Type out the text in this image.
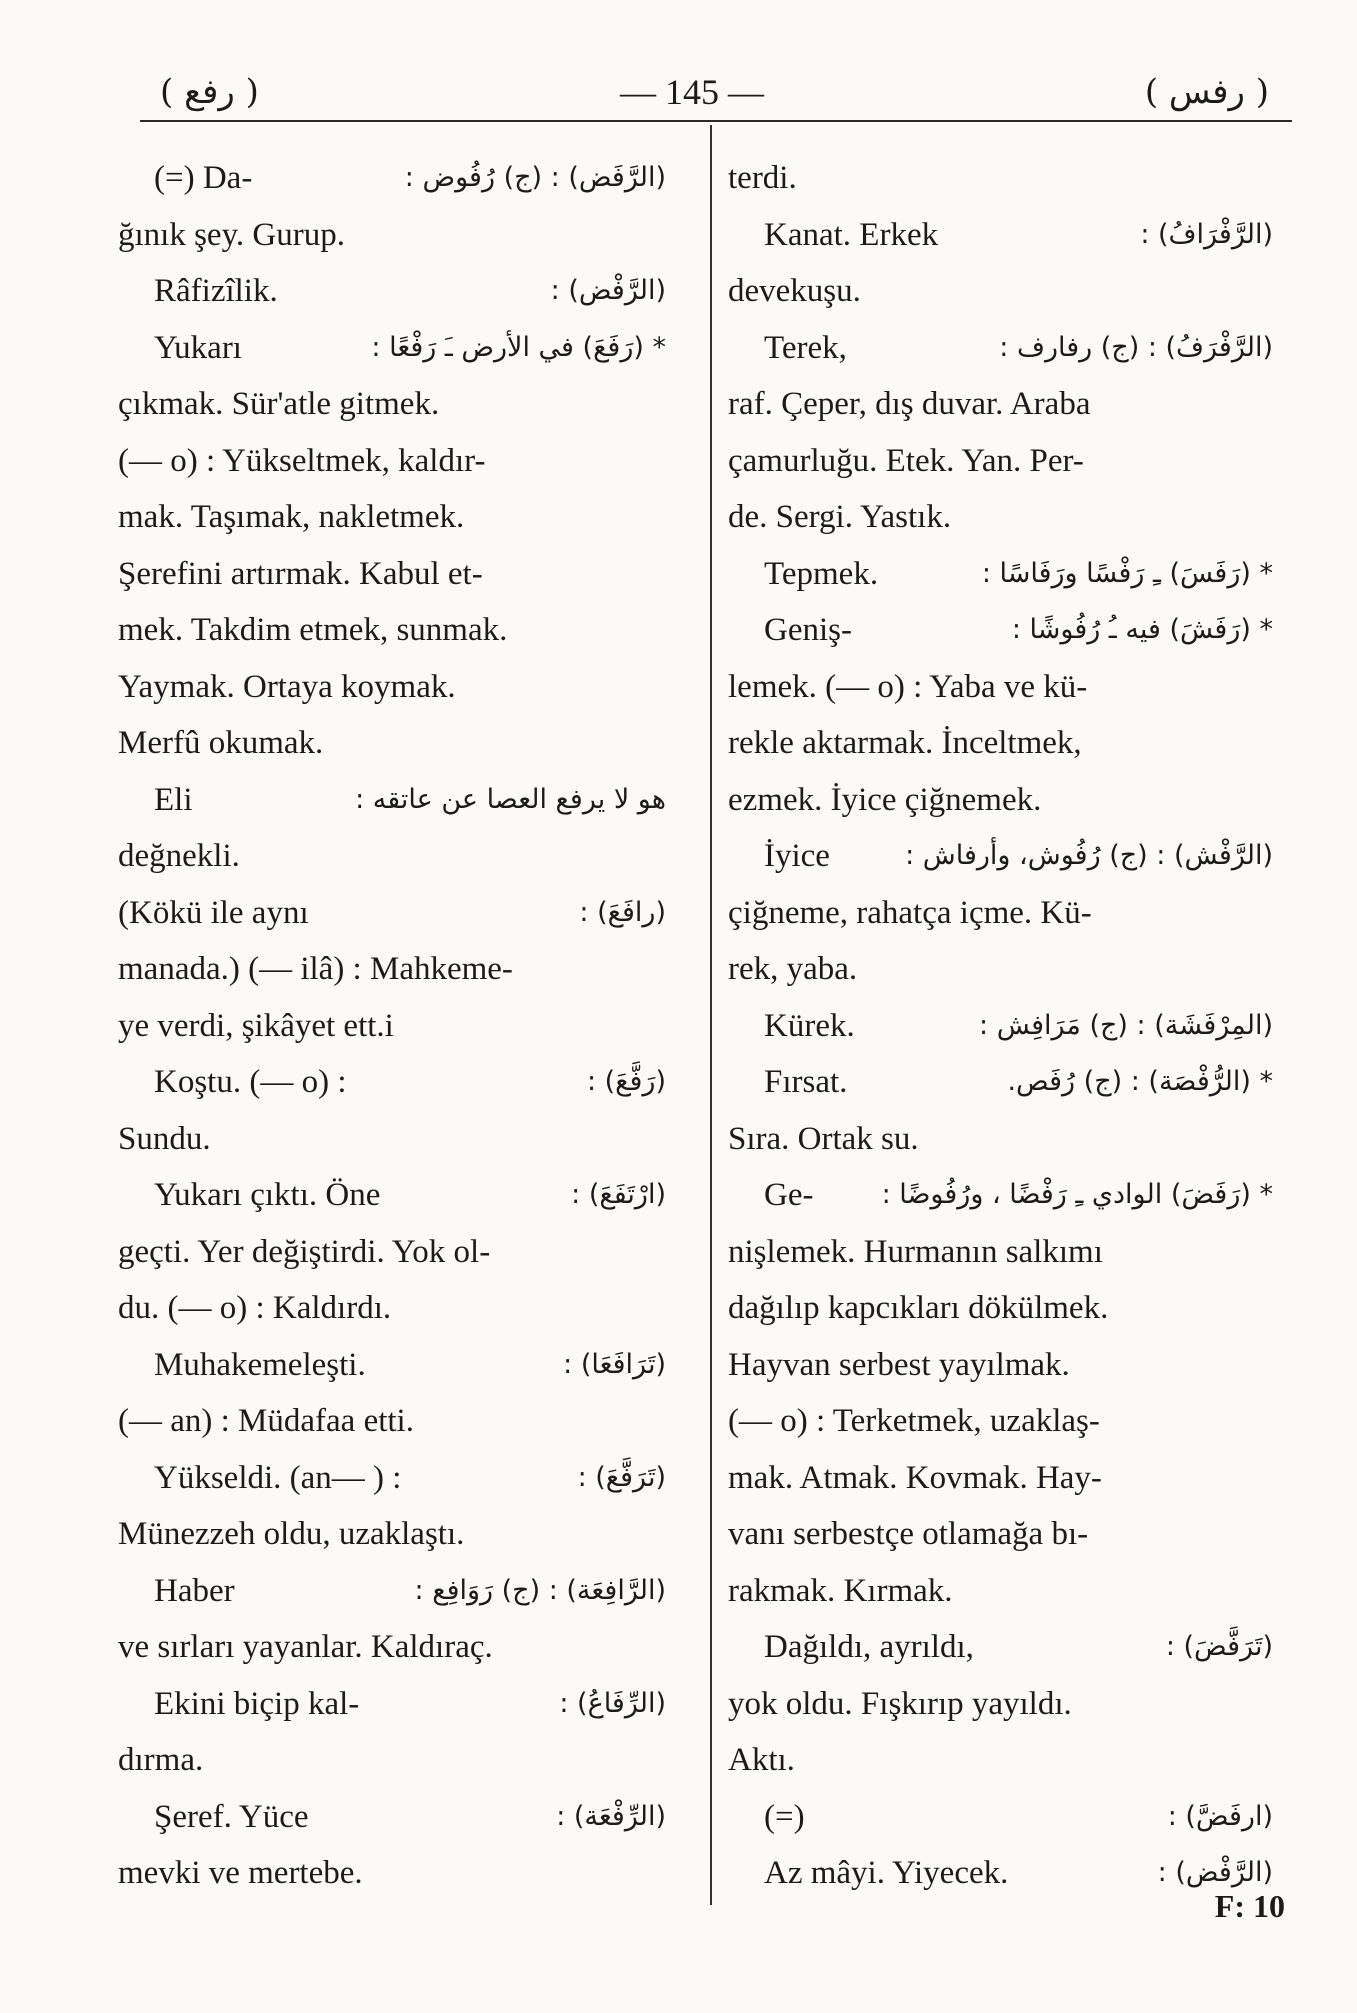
( رفع )	— 145 —	( رفس )
(=) Da-	(الرَّفَض) : (ج) رُفُوض :
ğınık şey. Gurup.
Râfizîlik.	(الرَّفْض) :
Yukarı	* (رَفَعَ) في الأرض ـَ رَفْعًا :
çıkmak. Sür'atle gitmek.
(— o) : Yükseltmek, kaldır-
mak. Taşımak, nakletmek.
Şerefini artırmak. Kabul et-
mek. Takdim etmek, sunmak.
Yaymak. Ortaya koymak.
Merfû okumak.
Eli	هو لا يرفع العصا عن عاتقه :
değnekli.
(Kökü ile aynı	(رافَعَ) :
manada.) (— ilâ) : Mahkeme-
ye verdi, şikâyet ett.i
Koştu. (— o) :	(رَفَّعَ) :
Sundu.
Yukarı çıktı. Öne	(ارْتَفَعَ) :
geçti. Yer değiştirdi. Yok ol-
du. (— o) : Kaldırdı.
Muhakemeleşti.	(تَرَافَعَا) :
(— an) : Müdafaa etti.
Yükseldi. (an— ) :	(تَرَفَّعَ) :
Münezzeh oldu, uzaklaştı.
Haber	(الرَّافِعَة) : (ج) رَوَافِع :
ve sırları yayanlar. Kaldıraç.
Ekini biçip kal-	(الرِّفَاعُ) :
dırma.
Şeref. Yüce	(الرِّفْعَة) :
mevki ve mertebe.
terdi.
Kanat. Erkek	(الرَّفْرَافُ) :
devekuşu.
Terek,	(الرَّفْرَفُ) : (ج) رفارف :
raf. Çeper, dış duvar. Araba
çamurluğu. Etek. Yan. Per-
de. Sergi. Yastık.
Tepmek.	* (رَفَسَ) ـِ رَفْسًا ورَفَاسًا :
Geniş-	* (رَفَشَ) فيه ـُ رُفُوشًا :
lemek. (— o) : Yaba ve kü-
rekle aktarmak. İnceltmek,
ezmek. İyice çiğnemek.
İyice	(الرَّفْش) : (ج) رُفُوش، وأرفاش :
çiğneme, rahatça içme. Kü-
rek, yaba.
Kürek.	(المِرْفَشَة) : (ج) مَرَافِش :
Fırsat.	* (الرُّفْصَة) : (ج) رُفَص.
Sıra. Ortak su.
Ge-	* (رَفَضَ) الوادي ـِ رَفْضًا ، ورُفُوضًا :
nişlemek. Hurmanın salkımı
dağılıp kapcıkları dökülmek.
Hayvan serbest yayılmak.
(— o) : Terketmek, uzaklaş-
mak. Atmak. Kovmak. Hay-
vanı serbestçe otlamağa bı-
rakmak. Kırmak.
Dağıldı, ayrıldı,	(تَرَفَّضَ) :
yok oldu. Fışkırıp yayıldı.
Aktı.
(=)	(ارفَضَّ) :
Az mâyi. Yiyecek.	(الرَّفْض) :
F: 10
